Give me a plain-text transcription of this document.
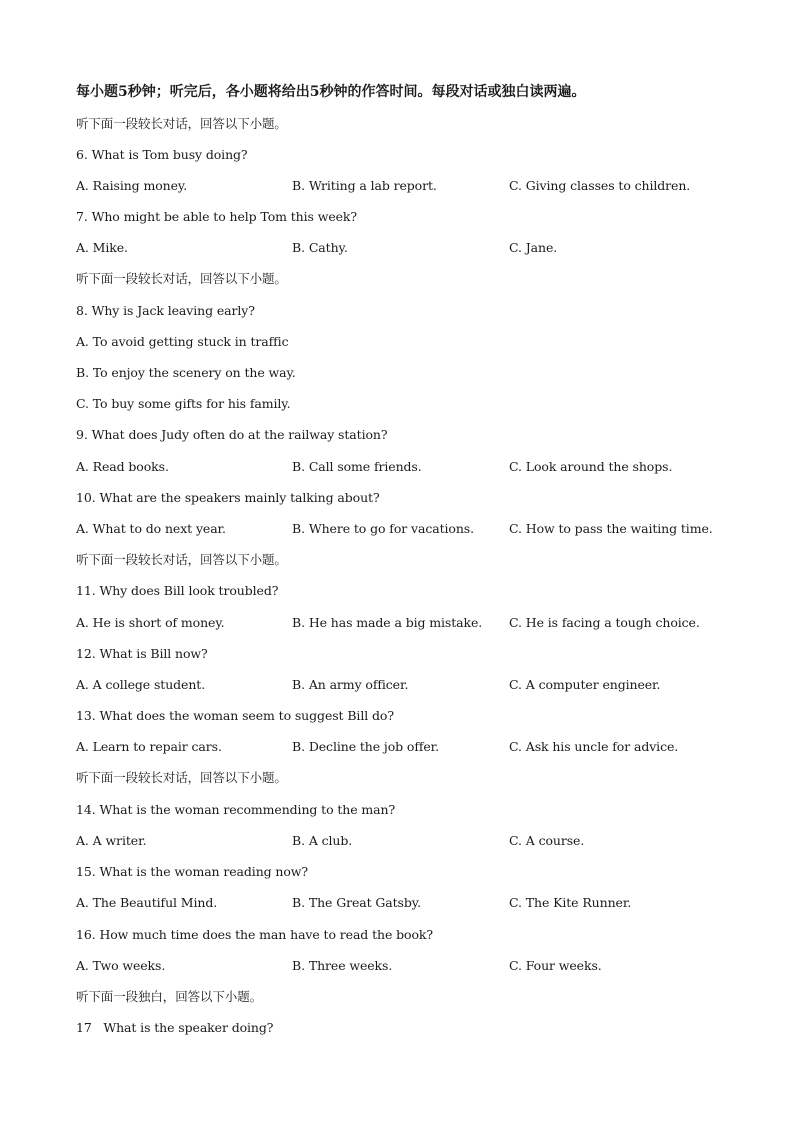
每小题5秒钟；听完后，各小题将给出5秒钟的作答时间。每段对话或独白读两遍。
听下面一段较长对话，回答以下小题。
6. What is Tom busy doing?
A. Raising money.	B. Writing a lab report.	C. Giving classes to children.
7. Who might be able to help Tom this week?
A. Mike.	B. Cathy.	C. Jane.
听下面一段较长对话，回答以下小题。
8. Why is Jack leaving early?
A. To avoid getting stuck in traffic
B. To enjoy the scenery on the way.
C. To buy some gifts for his family.
9. What does Judy often do at the railway station?
A. Read books.	B. Call some friends.	C. Look around the shops.
10. What are the speakers mainly talking about?
A. What to do next year.	B. Where to go for vacations.	C. How to pass the waiting time.
听下面一段较长对话，回答以下小题。
11. Why does Bill look troubled?
A. He is short of money.	B. He has made a big mistake. C. He is facing a tough choice.
12. What is Bill now?
A. A college student.	B. An army officer.	C. A computer engineer.
13. What does the woman seem to suggest Bill do?
A. Learn to repair cars.	B. Decline the job offer.	C. Ask his uncle for advice.
听下面一段较长对话，回答以下小题。
14. What is the woman recommending to the man?
A. A writer.	B. A club.	C. A course.
15. What is the woman reading now?
A. The Beautiful Mind.	B. The Great Gatsby.	C. The Kite Runner.
16. How much time does the man have to read the book?
A. Two weeks.	B. Three weeks.	C. Four weeks.
听下面一段独白，回答以下小题。
17   What is the speaker doing?
